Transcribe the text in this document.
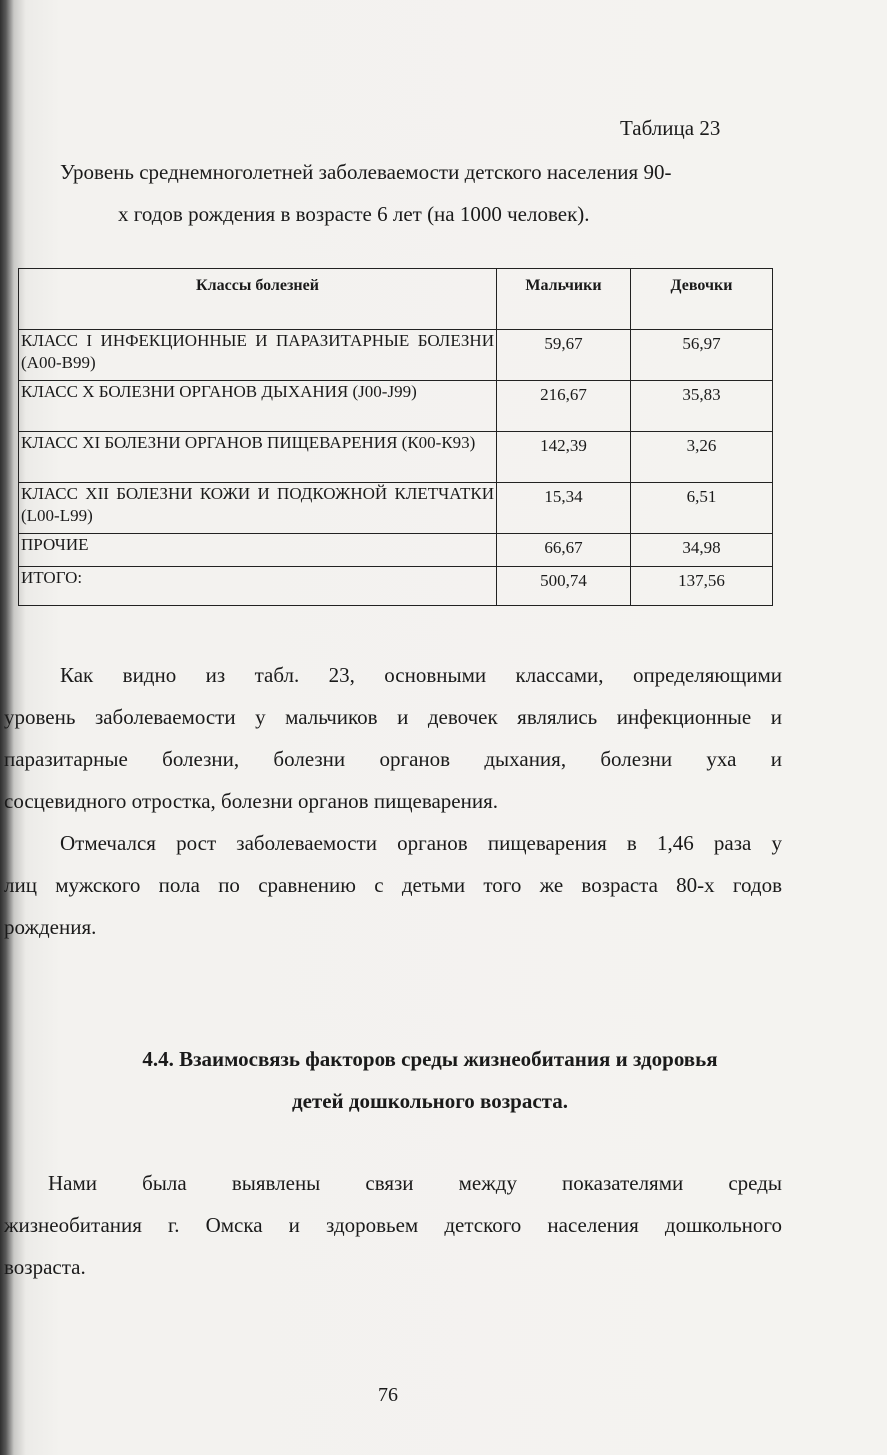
Таблица 23
Уровень среднемноголетней заболеваемости детского населения 90-
х годов рождения в возрасте 6 лет (на 1000 человек).
Классы болезней	Мальчики	Девочки
КЛАСС I ИНФЕКЦИОННЫЕ И ПАРАЗИТАРНЫЕ БОЛЕЗНИ (А00-В99)	59,67	56,97
КЛАСС X БОЛЕЗНИ ОРГАНОВ ДЫХАНИЯ (J00-J99)	216,67	35,83
КЛАСС XI БОЛЕЗНИ ОРГАНОВ ПИЩЕВАРЕНИЯ (К00-К93)	142,39	3,26
КЛАСС XII БОЛЕЗНИ КОЖИ И ПОДКОЖНОЙ КЛЕТЧАТКИ (L00-L99)	15,34	6,51
ПРОЧИЕ	66,67	34,98
ИТОГО:	500,74	137,56
Как видно из табл. 23, основными классами, определяющими
уровень заболеваемости у мальчиков и девочек являлись инфекционные и
паразитарные болезни, болезни органов дыхания, болезни уха и
сосцевидного отростка, болезни органов пищеварения.
Отмечался рост заболеваемости органов пищеварения в 1,46 раза у
лиц мужского пола по сравнению с детьми того же возраста 80-х годов
рождения.
4.4. Взаимосвязь факторов среды жизнеобитания и здоровья
детей дошкольного возраста.
Нами была выявлены связи между показателями среды
жизнеобитания г. Омска и здоровьем детского населения дошкольного
возраста.
76
